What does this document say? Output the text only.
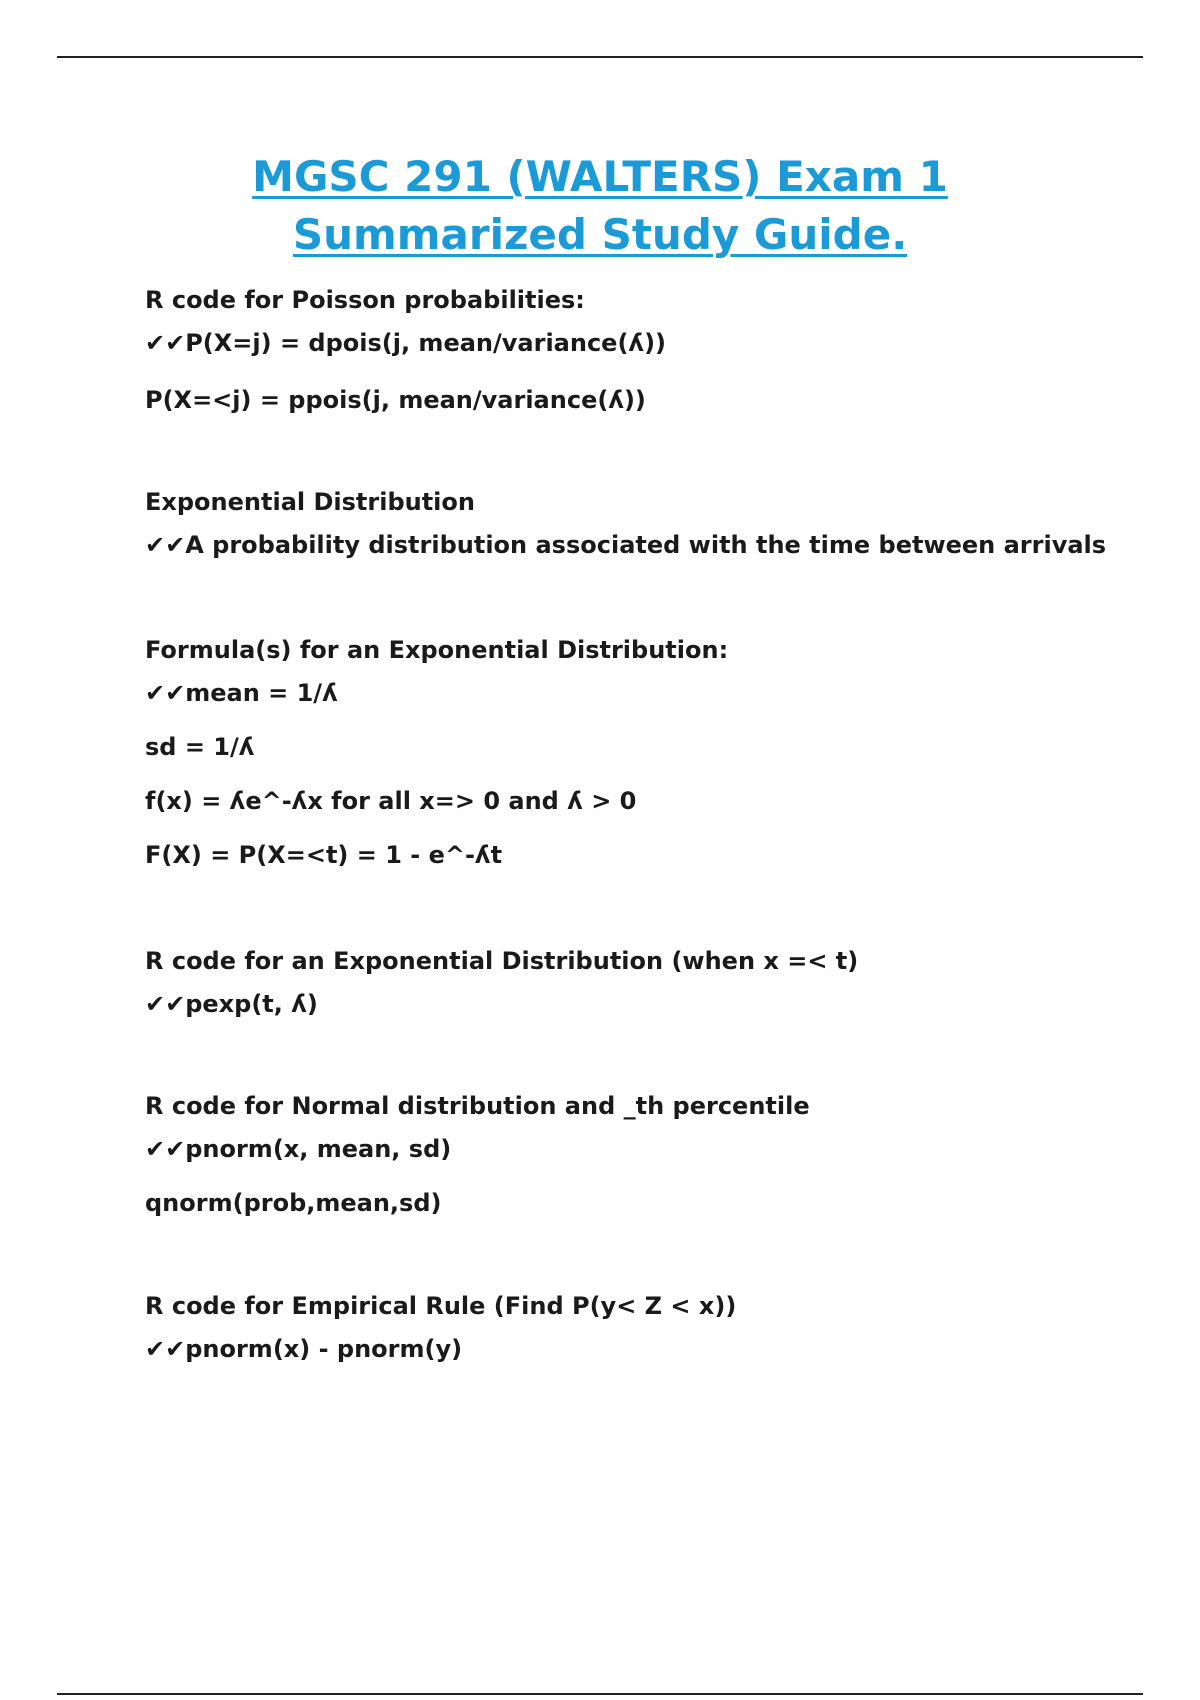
MGSC 291 (WALTERS) Exam 1
Summarized Study Guide.
R code for Poisson probabilities:
✔✔P(X=j) = dpois(j, mean/variance(ʎ))
P(X=<j) = ppois(j, mean/variance(ʎ))
Exponential Distribution
✔✔A probability distribution associated with the time between arrivals
Formula(s) for an Exponential Distribution:
✔✔mean = 1/ʎ
sd = 1/ʎ
f(x) = ʎe^-ʎx for all x=> 0 and ʎ > 0
F(X) = P(X=<t) = 1 - e^-ʎt
R code for an Exponential Distribution (when x =< t)
✔✔pexp(t, ʎ)
R code for Normal distribution and _th percentile
✔✔pnorm(x, mean, sd)
qnorm(prob,mean,sd)
R code for Empirical Rule (Find P(y< Z < x))
✔✔pnorm(x) - pnorm(y)
